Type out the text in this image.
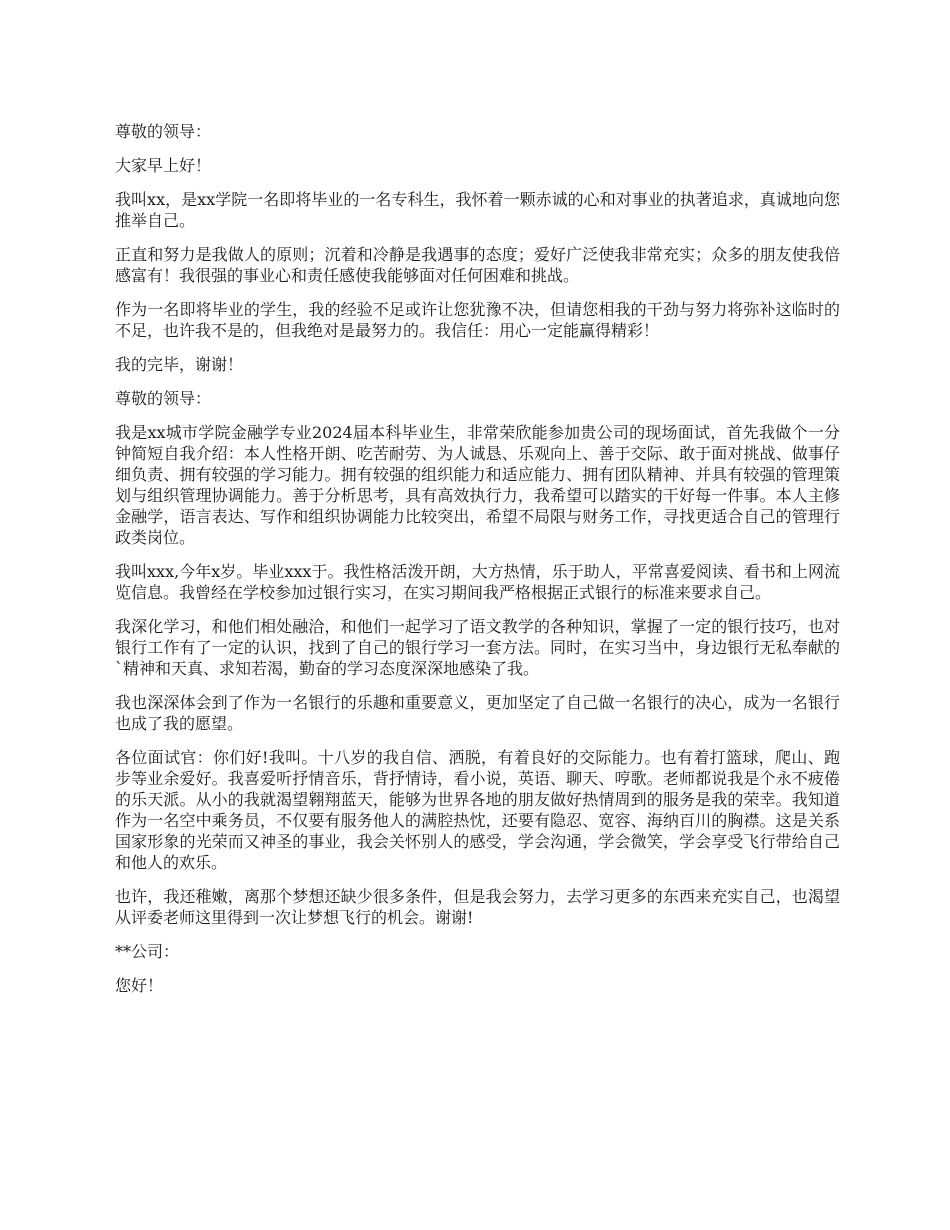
尊敬的领导：

大家早上好！

我叫xx，是xx学院一名即将毕业的一名专科生，我怀着一颗赤诚的心和对事业的执著追求，真诚地向您推举自己。

正直和努力是我做人的原则；沉着和冷静是我遇事的态度；爱好广泛使我非常充实；众多的朋友使我倍感富有！我很强的事业心和责任感使我能够面对任何困难和挑战。

作为一名即将毕业的学生，我的经验不足或许让您犹豫不决，但请您相我的干劲与努力将弥补这临时的不足，也许我不是的，但我绝对是最努力的。我信任：用心一定能赢得精彩！

我的完毕，谢谢！

尊敬的领导：

我是xx城市学院金融学专业2024届本科毕业生，非常荣欣能参加贵公司的现场面试，首先我做个一分钟简短自我介绍：本人性格开朗、吃苦耐劳、为人诚恳、乐观向上、善于交际、敢于面对挑战、做事仔细负责、拥有较强的学习能力。拥有较强的组织能力和适应能力、拥有团队精神、并具有较强的管理策划与组织管理协调能力。善于分析思考，具有高效执行力，我希望可以踏实的干好每一件事。本人主修金融学，语言表达、写作和组织协调能力比较突出，希望不局限与财务工作，寻找更适合自己的管理行政类岗位。

我叫xxx,今年x岁。毕业xxx于。我性格活泼开朗，大方热情，乐于助人，平常喜爱阅读、看书和上网流览信息。我曾经在学校参加过银行实习，在实习期间我严格根据正式银行的标准来要求自己。

我深化学习，和他们相处融洽，和他们一起学习了语文教学的各种知识，掌握了一定的银行技巧，也对银行工作有了一定的认识，找到了自己的银行学习一套方法。同时，在实习当中，身边银行无私奉献的`精神和天真、求知若渴，勤奋的学习态度深深地感染了我。

我也深深体会到了作为一名银行的乐趣和重要意义，更加坚定了自己做一名银行的决心，成为一名银行也成了我的愿望。

各位面试官：你们好!我叫。十八岁的我自信、洒脱，有着良好的交际能力。也有着打篮球，爬山、跑步等业余爱好。我喜爱听抒情音乐，背抒情诗，看小说，英语、聊天、哼歌。老师都说我是个永不疲倦的乐天派。从小的我就渴望翱翔蓝天，能够为世界各地的朋友做好热情周到的服务是我的荣幸。我知道作为一名空中乘务员，不仅要有服务他人的满腔热忱，还要有隐忍、宽容、海纳百川的胸襟。这是关系国家形象的光荣而又神圣的事业，我会关怀别人的感受，学会沟通，学会微笑，学会享受飞行带给自己和他人的欢乐。

也许，我还稚嫩，离那个梦想还缺少很多条件，但是我会努力，去学习更多的东西来充实自己，也渴望从评委老师这里得到一次让梦想飞行的机会。谢谢!

**公司：

您好！
